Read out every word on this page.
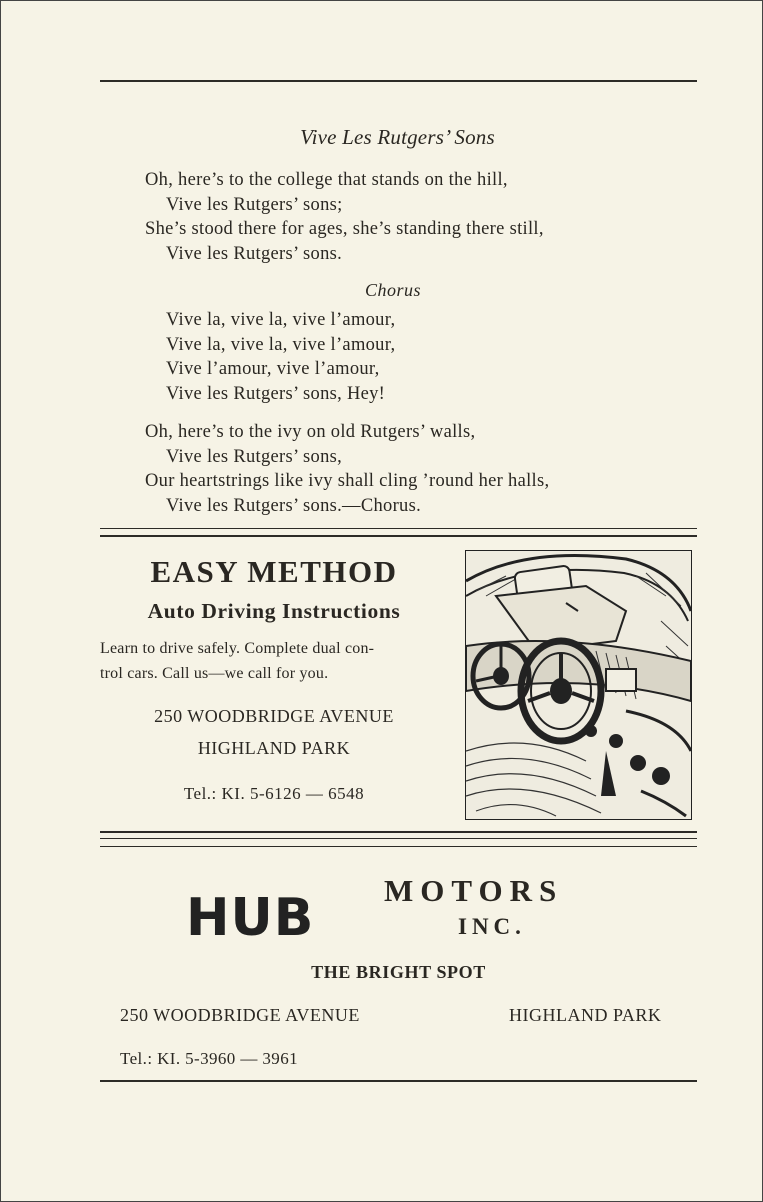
Vive Les Rutgers’ Sons
Oh, here’s to the college that stands on the hill,
Vive les Rutgers’ sons;
She’s stood there for ages, she’s standing there still,
Vive les Rutgers’ sons.
Chorus
Vive la, vive la, vive l’amour,
Vive la, vive la, vive l’amour,
Vive l’amour, vive l’amour,
Vive les Rutgers’ sons, Hey!
Oh, here’s to the ivy on old Rutgers’ walls,
Vive les Rutgers’ sons,
Our heartstrings like ivy shall cling ’round her halls,
Vive les Rutgers’ sons.—Chorus.
EASY METHOD
Auto Driving Instructions
Learn to drive safely. Complete dual con-
trol cars. Call us—we call for you.
250 WOODBRIDGE AVENUE
HIGHLAND PARK
Tel.: KI. 5-6126 — 6548
HUB MOTORS
INC.
THE BRIGHT SPOT
250 WOODBRIDGE AVENUE	HIGHLAND PARK
Tel.: KI. 5-3960 — 3961
